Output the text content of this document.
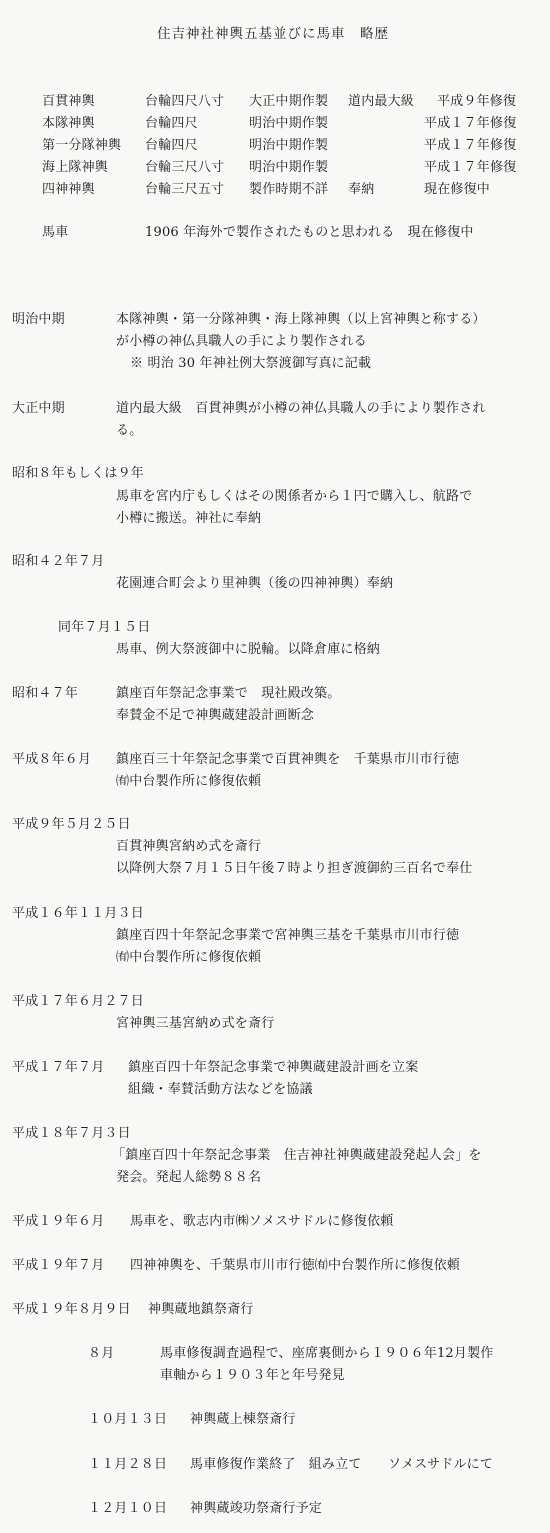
住吉神社神輿五基並びに馬車　略歴
百貫神輿	台輪四尺八寸 大正中期作製 道内最大級 平成９年修復
本隊神輿	台輪四尺	明治中期作製	平成１７年修復
第一分隊神輿 台輪四尺	明治中期作製	平成１７年修復
海上隊神輿	台輪三尺八寸 明治中期作製	平成１７年修復
四神神輿	台輪三尺五寸 製作時期不詳 奉納	現在修復中
馬車	1906 年海外で製作されたものと思われる　現在修復中
明治中期	本隊神輿・第一分隊神輿・海上隊神輿（以上宮神輿と称する）
が小樽の神仏具職人の手により製作される
※ 明治 30 年神社例大祭渡御写真に記載
大正中期	道内最大級　百貫神輿が小樽の神仏具職人の手により製作され
る。
昭和８年もしくは９年
馬車を宮内庁もしくはその関係者から１円で購入し、航路で
小樽に搬送。神社に奉納
昭和４２年７月
花園連合町会より里神輿（後の四神神輿）奉納
同年７月１５日
馬車、例大祭渡御中に脱輪。以降倉庫に格納
昭和４７年	鎮座百年祭記念事業で　現社殿改築。
奉賛金不足で神輿蔵建設計画断念
平成８年６月 鎮座百三十年祭記念事業で百貫神輿を　千葉県市川市行徳
㈲中台製作所に修復依頼
平成９年５月２５日
百貫神輿宮納め式を斎行
以降例大祭７月１５日午後７時より担ぎ渡御約三百名で奉仕
平成１６年１１月３日
鎮座百四十年祭記念事業で宮神輿三基を千葉県市川市行徳
㈲中台製作所に修復依頼
平成１７年６月２７日
宮神輿三基宮納め式を斎行
平成１７年７月 鎮座百四十年祭記念事業で神輿蔵建設計画を立案
組織・奉賛活動方法などを協議
平成１８年７月３日
「鎮座百四十年祭記念事業　住吉神社神輿蔵建設発起人会」を
発会。発起人総勢８８名
平成１９年６月 馬車を、歌志内市㈱ソメスサドルに修復依頼
平成１９年７月 四神神輿を、千葉県市川市行徳㈲中台製作所に修復依頼
平成１９年８月９日 神輿蔵地鎮祭斎行
８月	馬車修復調査過程で、座席裏側から１９０６年12月製作
車軸から１９０３年と年号発見
１０月１３日 神輿蔵上棟祭斎行
１１月２８日 馬車修復作業終了　組み立て　　ソメスサドルにて
１２月１０日 神輿蔵竣功祭斎行予定
